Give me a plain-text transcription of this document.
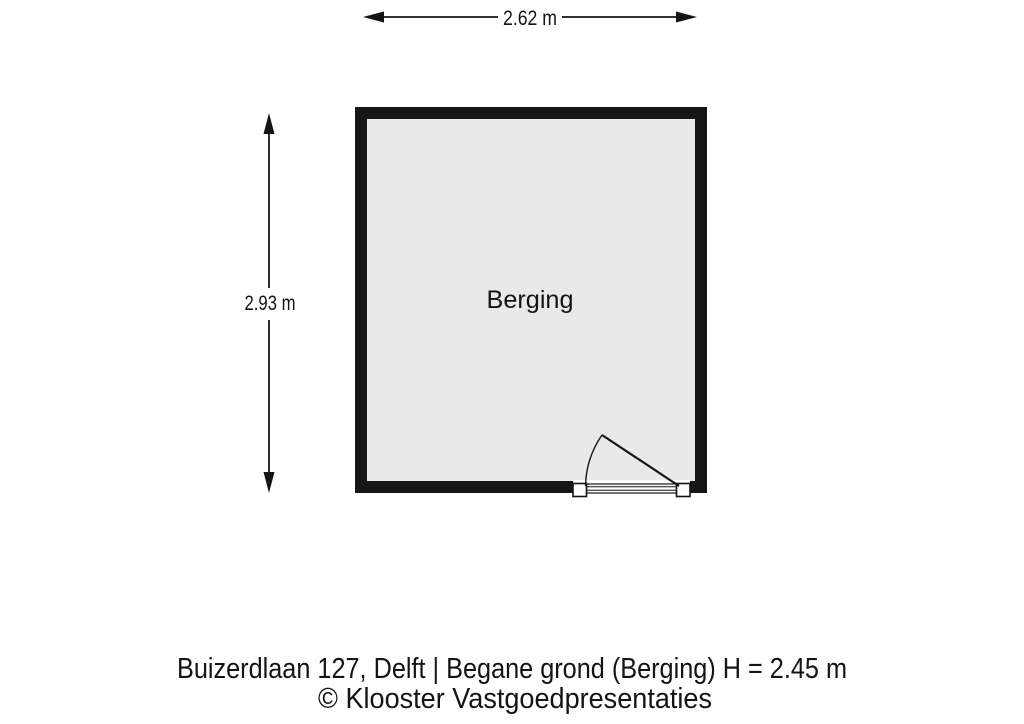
2.62 m
2.93 m	Berging
Buizerdlaan 127, Delft | Begane grond (Berging) H = 2.45 m
© Klooster Vastgoedpresentaties
